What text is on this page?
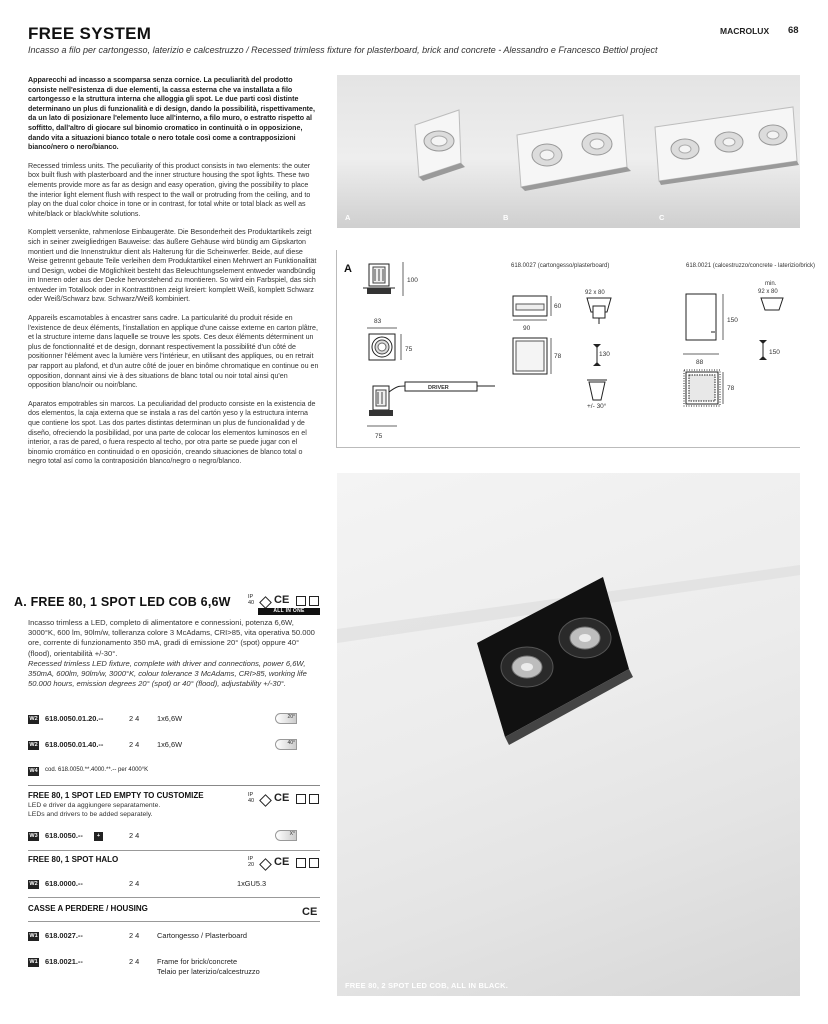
FREE SYSTEM
Incasso a filo per cartongesso, laterizio e calcestruzzo / Recessed trimless fixture for plasterboard, brick and concrete - Alessandro e Francesco Bettiol project
MACROLUX 68

Apparecchi ad incasso a scomparsa senza cornice. La peculiarità del prodotto consiste nell'esistenza di due elementi, la cassa esterna che va installata a filo cartongesso e la struttura interna che alloggia gli spot. Le due parti così distinte determinano un plus di funzionalità e di design, dando la possibilità, rispettivamente, da un lato di posizionare l'elemento luce all'interno, a filo muro, o estratto rispetto al soffitto, dall'altro di giocare sul binomio cromatico in continuità o in opposizione, dando vita a situazioni bianco totale o nero totale così come a contrapposizioni bianco/nero o nero/bianco.

Recessed trimless units. The peculiarity of this product consists in two elements: the outer box built flush with plasterboard and the inner structure housing the spot lights. These two elements provide more as far as design and easy operation, giving the possibility to place the interior light element flush with respect to the wall or protruding from the ceiling, and to play on the dual color choice in tone or in contrast, for total white or total black as well as white/black or black/white solutions.

Komplett versenkte, rahmenlose Einbaugeräte. Die Besonderheit des Produktartikels zeigt sich in seiner zweigliedrigen Bauweise: das äußere Gehäuse wird bündig am Gipskarton montiert und die Innenstruktur dient als Halterung für die Scheinwerfer. Beide, auf diese Weise getrennt gebaute Teile verleihen dem Produktartikel einen Mehrwert an Funktionalität und Design, wobei die Möglichkeit besteht das Beleuchtungselement entweder wandbündig im Inneren oder aus der Decke hervorstehend zu montieren. So wird ein Farbspiel, das sich entweder im Totallook oder in Kontrasttönen zeigt kreiert: komplett Weiß, komplett Schwarz oder Weiß/Schwarz bzw. Schwarz/Weiß kombiniert.

Appareils escamotables à encastrer sans cadre. La particularité du produit réside en l'existence de deux éléments, l'installation en applique d'une caisse externe en carton plâtre, et la structure interne dans laquelle se trouve les spots. Ces deux éléments déterminent un plus de fonctionnalité et de design, donnant respectivement la possibilité d'un côté de positionner l'élément avec la lumière vers l'intérieur, en utilisant des appliques, ou en retrait par rapport au plafond, et d'un autre côté de jouer en binôme chromatique en continue ou en opposition, donnant ainsi vie à des situations de blanc total ou noir total ainsi qu'en opposition blanc/noir ou noir/blanc.

Aparatos empotrables sin marcos. La peculiaridad del producto consiste en la existencia de dos elementos, la caja externa que se instala a ras del cartón yeso y la estructura interna que contiene los spot. Las dos partes distintas determinan un plus de funcionalidad y de diseño, ofreciendo la posibilidad, por una parte de colocar los elementos luminosos en el interior, a ras de pared, o fuera respecto al techo, por otra parte se puede jugar con el binomio cromático en continuidad o en oposición, creando situaciones de blanco total o negro total así como la contraposición blanco/negro o negro/blanco.

A	B	C
A
100
83
75
DRIVER
75
618.0027 (cartongesso/plasterboard)
60
90
78
92 x 80
130
+/- 30°
618.0021 (calcestruzzo/concrete - laterizio/brick)
150
88
78
min.
92 x 80
150
FREE 80, 2 SPOT LED COB, ALL IN BLACK.
A. FREE 80, 1 SPOT LED COB 6,6W	IP
40 CE
ALL IN ONE
Incasso trimless a LED, completo di alimentatore e connessioni, potenza 6,6W, 3000°K, 600 lm, 90lm/w, tolleranza colore 3 McAdams, CRI>85, vita operativa 50.000 ore, corrente di funzionamento 350 mA, gradi di emissione 20° (spot) oppure 40° (flood), orientabilità +/-30°.
Recessed trimless LED fixture, complete with driver and connections, power 6,6W, 350mA, 600lm, 90lm/w, 3000°K, colour tolerance 3 McAdams, CRI>85, working life 50.000 hours, emission degrees 20° (spot) or 40° (flood), adjustability +/-30°.
W2 618.0050.01.20.--	2 4 1x6,6W	20°
W2 618.0050.01.40.--	2 4 1x6,6W	40°
W4 cod. 618.0050.**.4000.**.-- per 4000°K
FREE 80, 1 SPOT LED EMPTY TO CUSTOMIZE	IP
40 CE
LED e driver da aggiungere separatamente.
LEDs and drivers to be added separately.
W3 618.0050.--	+	2 4	X°
FREE 80, 1 SPOT HALO	IP
20 CE
W2 618.0000.--	2 4	1xGU5.3
CASSE A PERDERE / HOUSING	CE
W1 618.0027.--	2 4 Cartongesso / Plasterboard
W1 618.0021.--	2 4 Frame for brick/concrete
Telaio per laterizio/calcestruzzo
